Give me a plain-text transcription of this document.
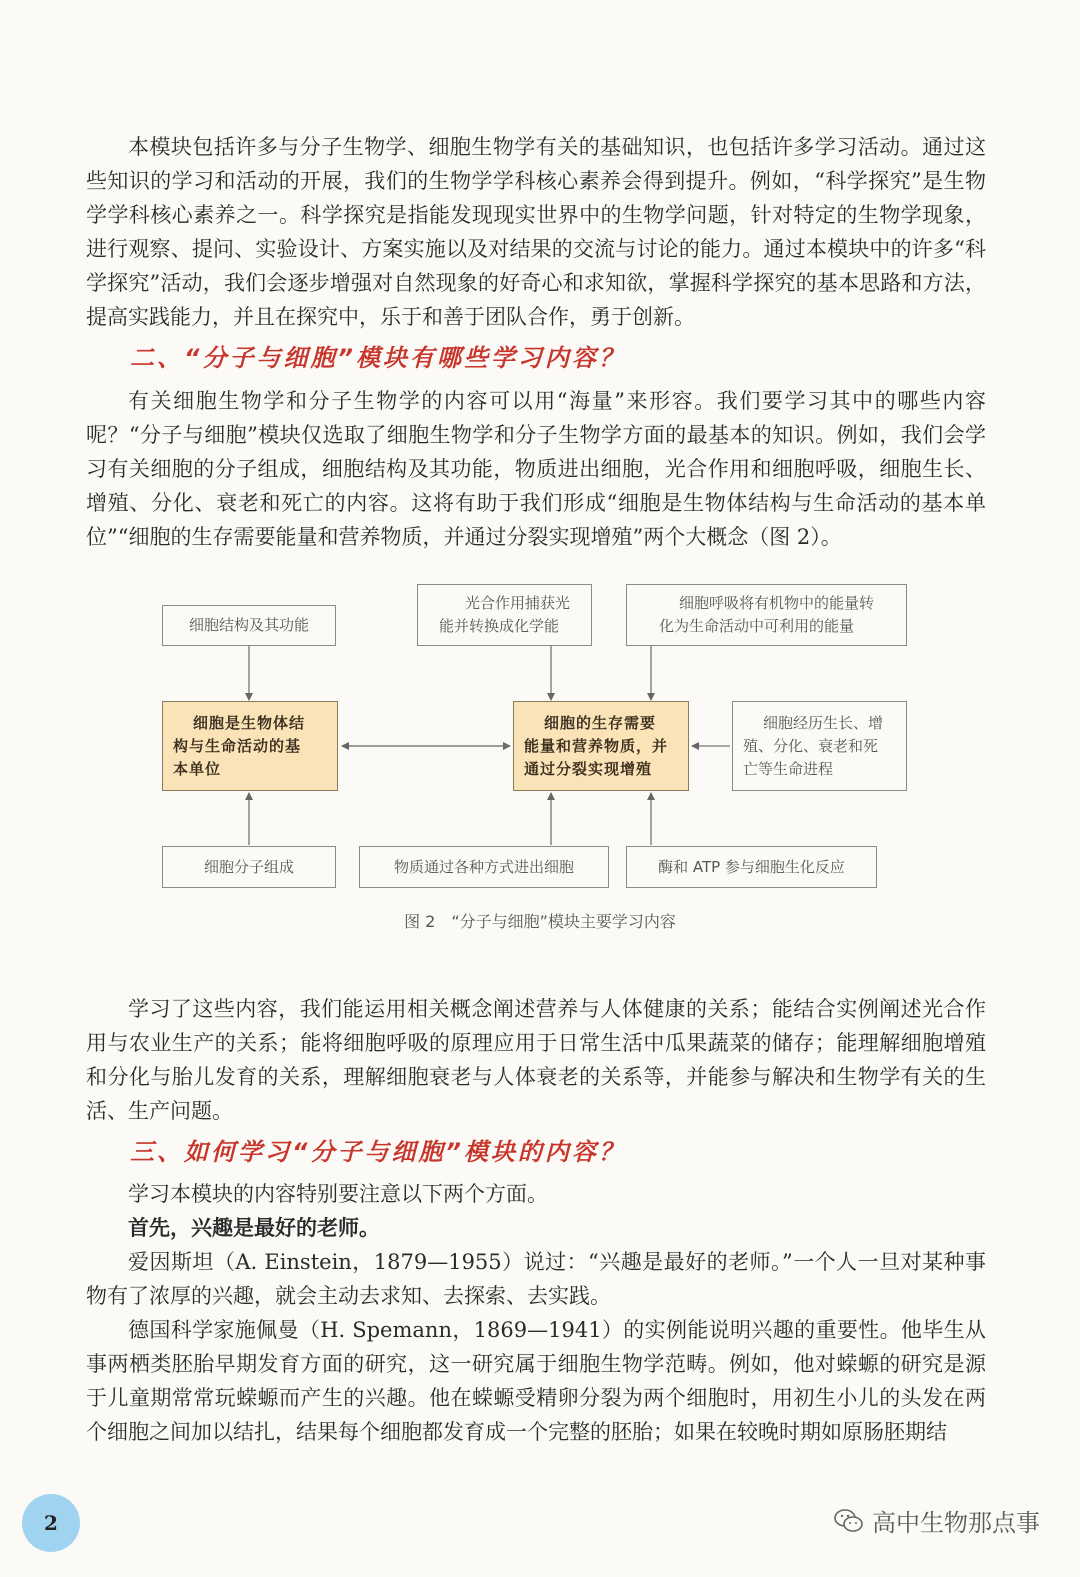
本模块包括许多与分子生物学、细胞生物学有关的基础知识，也包括许多学习活动。通过这些知识的学习和活动的开展，我们的生物学学科核心素养会得到提升。例如，“科学探究”是生物学学科核心素养之一。科学探究是指能发现现实世界中的生物学问题，针对特定的生物学现象，进行观察、提问、实验设计、方案实施以及对结果的交流与讨论的能力。通过本模块中的许多“科学探究”活动，我们会逐步增强对自然现象的好奇心和求知欲，掌握科学探究的基本思路和方法，提高实践能力，并且在探究中，乐于和善于团队合作，勇于创新。

二、“分子与细胞”模块有哪些学习内容？

有关细胞生物学和分子生物学的内容可以用“海量”来形容。我们要学习其中的哪些内容呢？“分子与细胞”模块仅选取了细胞生物学和分子生物学方面的最基本的知识。例如，我们会学习有关细胞的分子组成，细胞结构及其功能，物质进出细胞，光合作用和细胞呼吸，细胞生长、增殖、分化、衰老和死亡的内容。这将有助于我们形成“细胞是生物体结构与生命活动的基本单位”“细胞的生存需要能量和营养物质，并通过分裂实现增殖”两个大概念（图 2）。

细胞结构及其功能
光合作用捕获光
能并转换成化学能
细胞呼吸将有机物中的能量转
化为生命活动中可利用的能量
细胞是生物体结
构与生命活动的基
本单位
细胞的生存需要
能量和营养物质，并
通过分裂实现增殖
细胞经历生长、增
殖、分化、衰老和死
亡等生命进程
细胞分子组成	物质通过各种方式进出细胞	酶和 ATP 参与细胞生化反应
图 2　“分子与细胞”模块主要学习内容

学习了这些内容，我们能运用相关概念阐述营养与人体健康的关系；能结合实例阐述光合作用与农业生产的关系；能将细胞呼吸的原理应用于日常生活中瓜果蔬菜的储存；能理解细胞增殖和分化与胎儿发育的关系，理解细胞衰老与人体衰老的关系等，并能参与解决和生物学有关的生活、生产问题。

三、如何学习“分子与细胞”模块的内容？

学习本模块的内容特别要注意以下两个方面。

首先，兴趣是最好的老师。

爱因斯坦（A. Einstein，1879—1955）说过：“兴趣是最好的老师。”一个人一旦对某种事物有了浓厚的兴趣，就会主动去求知、去探索、去实践。

德国科学家施佩曼（H. Spemann，1869—1941）的实例能说明兴趣的重要性。他毕生从事两栖类胚胎早期发育方面的研究，这一研究属于细胞生物学范畴。例如，他对蝾螈的研究是源于儿童期常常玩蝾螈而产生的兴趣。他在蝾螈受精卵分裂为两个细胞时，用初生小儿的头发在两个细胞之间加以结扎，结果每个细胞都发育成一个完整的胚胎；如果在较晚时期如原肠胚期结

2	高中生物那点事
